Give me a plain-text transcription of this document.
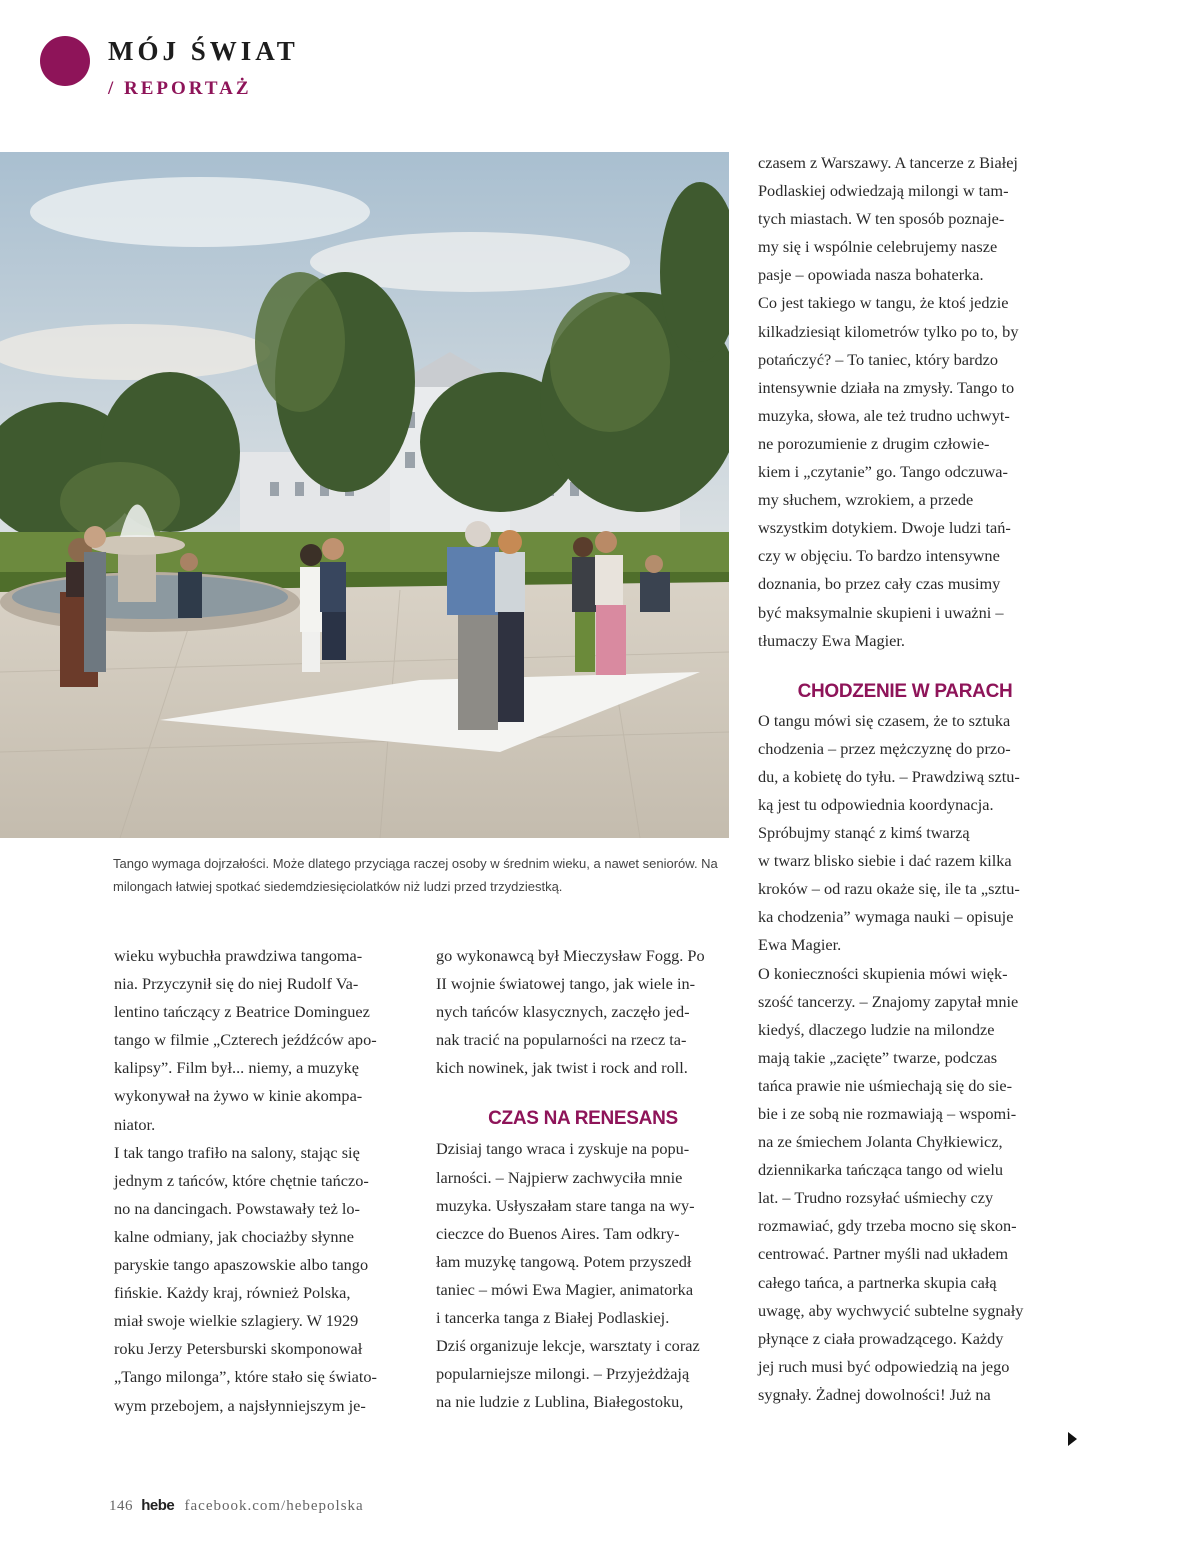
MÓJ ŚWIAT
/ REPORTAŻ

Tango wymaga dojrzałości. Może dlatego przyciąga raczej osoby w średnim wieku, a nawet seniorów. Na milongach łatwiej spotkać siedemdziesięciolatków niż ludzi przed trzydziestką.

wieku wybuchła prawdziwa tangoma-
nia. Przyczynił się do niej Rudolf Va-
lentino tańczący z Beatrice Dominguez
tango w filmie „Czterech jeźdźców apo-
kalipsy”. Film był... niemy, a muzykę
wykonywał na żywo w kinie akompa-
niator.

I tak tango trafiło na salony, stając się
jednym z tańców, które chętnie tańczo-
no na dancingach. Powstawały też lo-
kalne odmiany, jak chociażby słynne
paryskie tango apaszowskie albo tango
fińskie. Każdy kraj, również Polska,
miał swoje wielkie szlagiery. W 1929
roku Jerzy Petersburski skomponował
„Tango milonga”, które stało się świato-
wym przebojem, a najsłynniejszym je-

go wykonawcą był Mieczysław Fogg. Po
II wojnie światowej tango, jak wiele in-
nych tańców klasycznych, zaczęło jed-
nak tracić na popularności na rzecz ta-
kich nowinek, jak twist i rock and roll.

CZAS NA RENESANS

Dzisiaj tango wraca i zyskuje na popu-
larności. – Najpierw zachwyciła mnie
muzyka. Usłyszałam stare tanga na wy-
cieczce do Buenos Aires. Tam odkry-
łam muzykę tangową. Potem przyszedł
taniec – mówi Ewa Magier, animatorka
i tancerka tanga z Białej Podlaskiej.
Dziś organizuje lekcje, warsztaty i coraz
popularniejsze milongi. – Przyjeżdżają
na nie ludzie z Lublina, Białegostoku,

czasem z Warszawy. A tancerze z Białej
Podlaskiej odwiedzają milongi w tam-
tych miastach. W ten sposób poznaje-
my się i wspólnie celebrujemy nasze
pasje – opowiada nasza bohaterka.

Co jest takiego w tangu, że ktoś jedzie
kilkadziesiąt kilometrów tylko po to, by
potańczyć? – To taniec, który bardzo
intensywnie działa na zmysły. Tango to
muzyka, słowa, ale też trudno uchwyt-
ne porozumienie z drugim człowie-
kiem i „czytanie” go. Tango odczuwa-
my słuchem, wzrokiem, a przede
wszystkim dotykiem. Dwoje ludzi tań-
czy w objęciu. To bardzo intensywne
doznania, bo przez cały czas musimy
być maksymalnie skupieni i uważni –
tłumaczy Ewa Magier.

CHODZENIE W PARACH

O tangu mówi się czasem, że to sztuka
chodzenia – przez mężczyznę do przo-
du, a kobietę do tyłu. – Prawdziwą sztu-
ką jest tu odpowiednia koordynacja.
Spróbujmy stanąć z kimś twarzą
w twarz blisko siebie i dać razem kilka
kroków – od razu okaże się, ile ta „sztu-
ka chodzenia” wymaga nauki – opisuje
Ewa Magier.

O konieczności skupienia mówi więk-
szość tancerzy. – Znajomy zapytał mnie
kiedyś, dlaczego ludzie na milondze
mają takie „zacięte” twarze, podczas
tańca prawie nie uśmiechają się do sie-
bie i ze sobą nie rozmawiają – wspomi-
na ze śmiechem Jolanta Chyłkiewicz,
dziennikarka tańcząca tango od wielu
lat. – Trudno rozsyłać uśmiechy czy
rozmawiać, gdy trzeba mocno się skon-
centrować. Partner myśli nad układem
całego tańca, a partnerka skupia całą
uwagę, aby wychwycić subtelne sygnały
płynące z ciała prowadzącego. Każdy
jej ruch musi być odpowiedzią na jego
sygnały. Żadnej dowolności! Już na

146 hebe facebook.com/hebepolska
